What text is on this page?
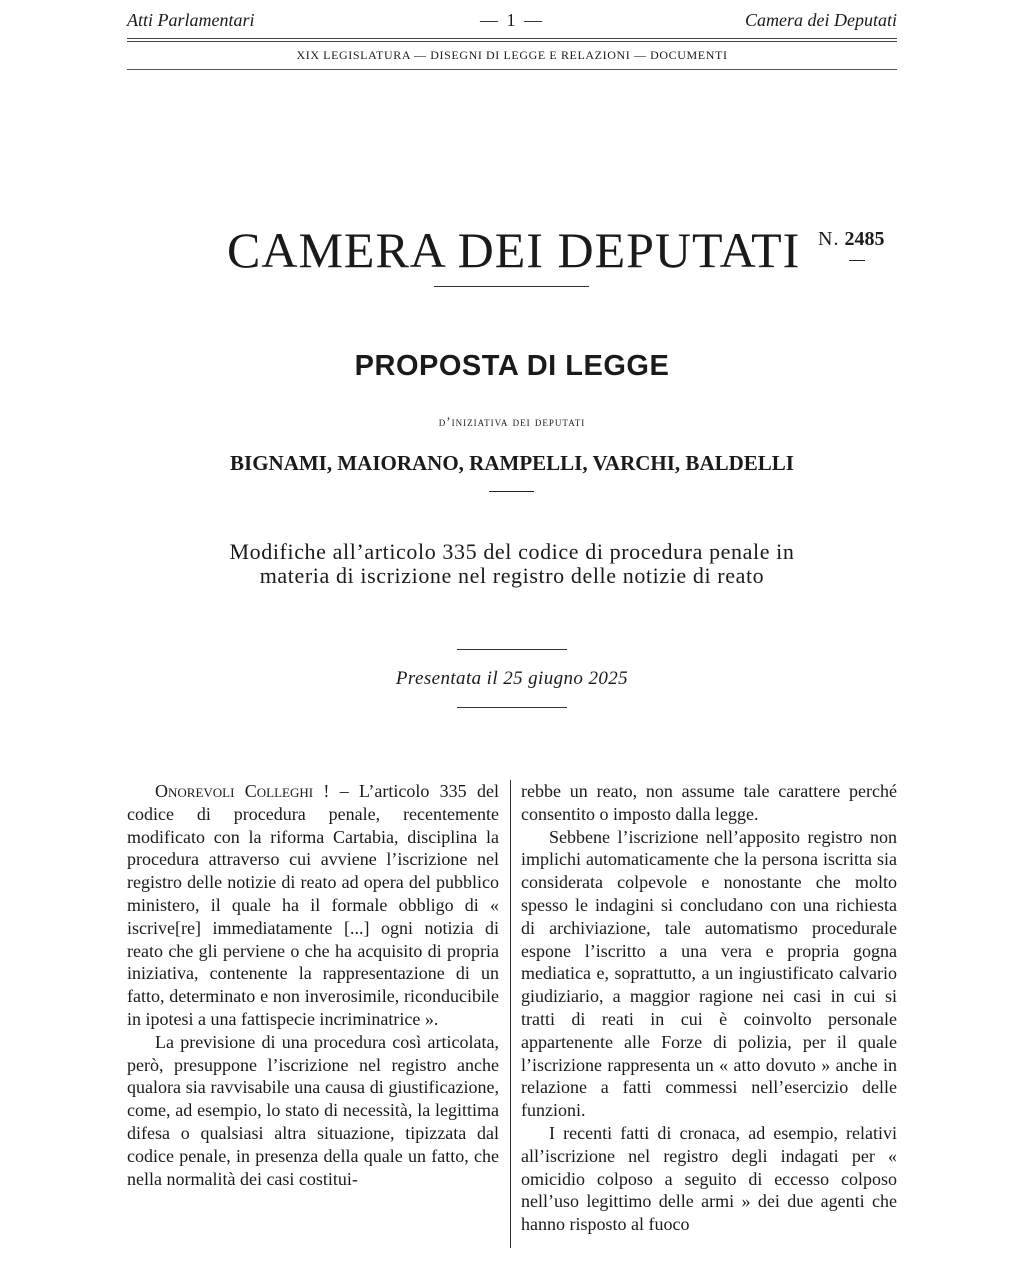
Atti Parlamentari	— 1 —	Camera dei Deputati
XIX LEGISLATURA — DISEGNI DI LEGGE E RELAZIONI — DOCUMENTI
CAMERA DEI DEPUTATI N. 2485
PROPOSTA DI LEGGE
d’iniziativa dei deputati
BIGNAMI, MAIORANO, RAMPELLI, VARCHI, BALDELLI
Modifiche all’articolo 335 del codice di procedura penale in
materia di iscrizione nel registro delle notizie di reato
Presentata il 25 giugno 2025

Onorevoli Colleghi ! – L’articolo 335 del codice di procedura penale, recentemente modificato con la riforma Cartabia, disciplina la procedura attraverso cui avviene l’iscrizione nel registro delle notizie di reato ad opera del pubblico ministero, il quale ha il formale obbligo di « iscrive[re] immediatamente [...] ogni notizia di reato che gli perviene o che ha acquisito di propria iniziativa, contenente la rappresentazione di un fatto, determinato e non inverosimile, riconducibile in ipotesi a una fattispecie incriminatrice ».

La previsione di una procedura così articolata, però, presuppone l’iscrizione nel registro anche qualora sia ravvisabile una causa di giustificazione, come, ad esempio, lo stato di necessità, la legittima difesa o qualsiasi altra situazione, tipizzata dal codice penale, in presenza della quale un fatto, che nella normalità dei casi costitui-

rebbe un reato, non assume tale carattere perché consentito o imposto dalla legge.

Sebbene l’iscrizione nell’apposito registro non implichi automaticamente che la persona iscritta sia considerata colpevole e nonostante che molto spesso le indagini si concludano con una richiesta di archiviazione, tale automatismo procedurale espone l’iscritto a una vera e propria gogna mediatica e, soprattutto, a un ingiustificato calvario giudiziario, a maggior ragione nei casi in cui si tratti di reati in cui è coinvolto personale appartenente alle Forze di polizia, per il quale l’iscrizione rappresenta un « atto dovuto » anche in relazione a fatti commessi nell’esercizio delle funzioni.

I recenti fatti di cronaca, ad esempio, relativi all’iscrizione nel registro degli indagati per « omicidio colposo a seguito di eccesso colposo nell’uso legittimo delle armi » dei due agenti che hanno risposto al fuoco
